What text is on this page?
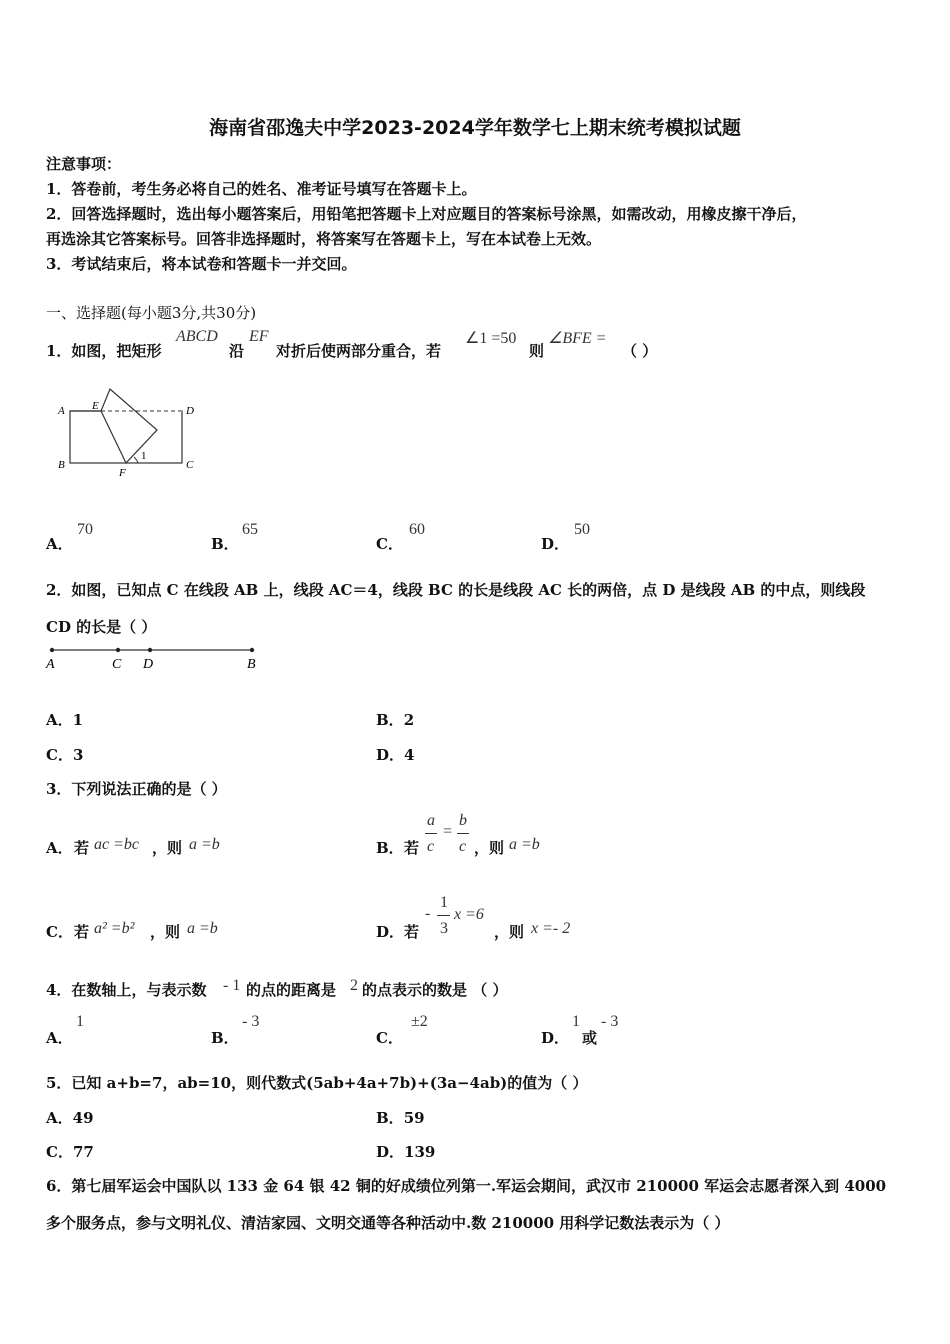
海南省邵逸夫中学2023-2024学年数学七上期末统考模拟试题
注意事项：
1．答卷前，考生务必将自己的姓名、准考证号填写在答题卡上。
2．回答选择题时，选出每小题答案后，用铅笔把答题卡上对应题目的答案标号涂黑，如需改动，用橡皮擦干净后，
再选涂其它答案标号。回答非选择题时，将答案写在答题卡上，写在本试卷上无效。
3．考试结束后，将本试卷和答题卡一并交回。
一、选择题(每小题3分,共30分)
1．如图，把矩形
ABCD
沿
EF
对折后使两部分重合，若
∠1 =50
则
∠BFE =
（ ）
A E	D
B
F
C
1
A．
70
B．
65
C．
60
D．
50
2．如图，已知点 C 在线段 AB 上，线段 AC＝4，线段 BC 的长是线段 AC 长的两倍，点 D 是线段 AB 的中点，则线段
CD 的长是（ ）
A	C D	B
A．1	B．2
C．3	D．4
3．下列说法正确的是（ ）
A． 若 ac =bc ，则 a =b	B． 若
a
c
=
b
c ，则 a =b
C． 若 a² =b² ，则 a =b	D． 若
-
1
3
x =6
，则 x =- 2
4．在数轴上，与表示数 - 1 的点的距离是 2 的点表示的数是 （ ）
A．
1
B．
- 3
C．
±2
D．
1
或
- 3
5．已知 a+b=7，ab=10，则代数式(5ab+4a+7b)+(3a−4ab)的值为（ ）
A．49	B．59
C．77	D．139
6．第七届军运会中国队以 133 金 64 银 42 铜的好成绩位列第一.军运会期间，武汉市 210000 军运会志愿者深入到 4000
多个服务点，参与文明礼仪、清洁家园、文明交通等各种活动中.数 210000 用科学记数法表示为（ ）
